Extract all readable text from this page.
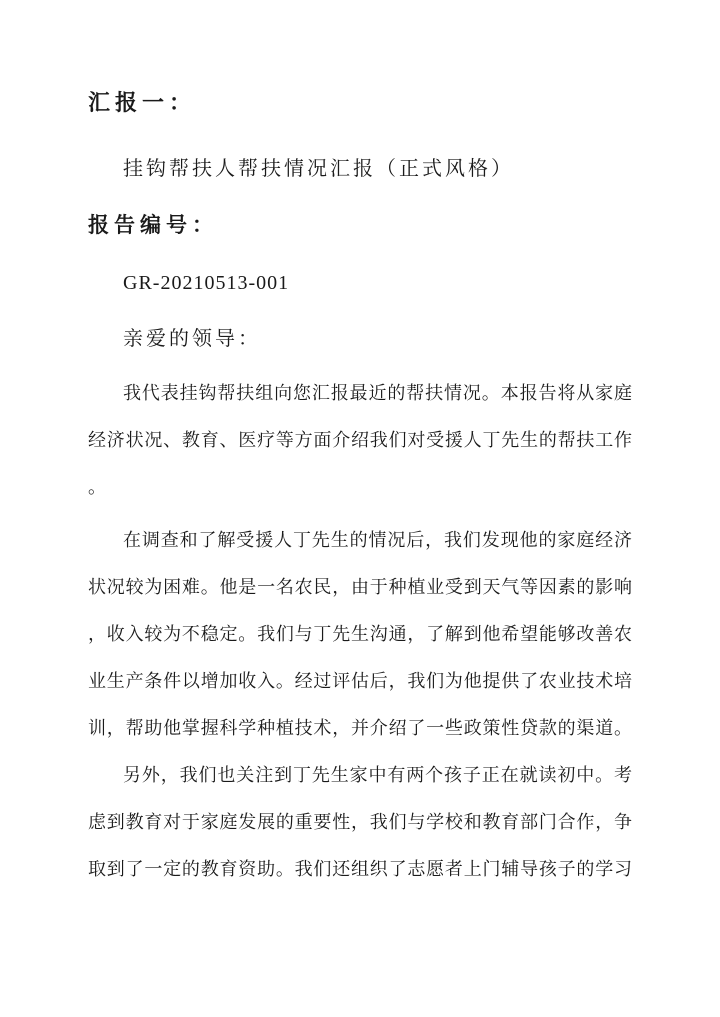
汇报一：
挂钩帮扶人帮扶情况汇报（正式风格）
报告编号：
GR-20210513-001
亲爱的领导：
我代表挂钩帮扶组向您汇报最近的帮扶情况。本报告将从家庭
经济状况、教育、医疗等方面介绍我们对受援人丁先生的帮扶工作
。
在调查和了解受援人丁先生的情况后，我们发现他的家庭经济
状况较为困难。他是一名农民，由于种植业受到天气等因素的影响
，收入较为不稳定。我们与丁先生沟通，了解到他希望能够改善农
业生产条件以增加收入。经过评估后，我们为他提供了农业技术培
训，帮助他掌握科学种植技术，并介绍了一些政策性贷款的渠道。
另外，我们也关注到丁先生家中有两个孩子正在就读初中。考
虑到教育对于家庭发展的重要性，我们与学校和教育部门合作，争
取到了一定的教育资助。我们还组织了志愿者上门辅导孩子的学习
